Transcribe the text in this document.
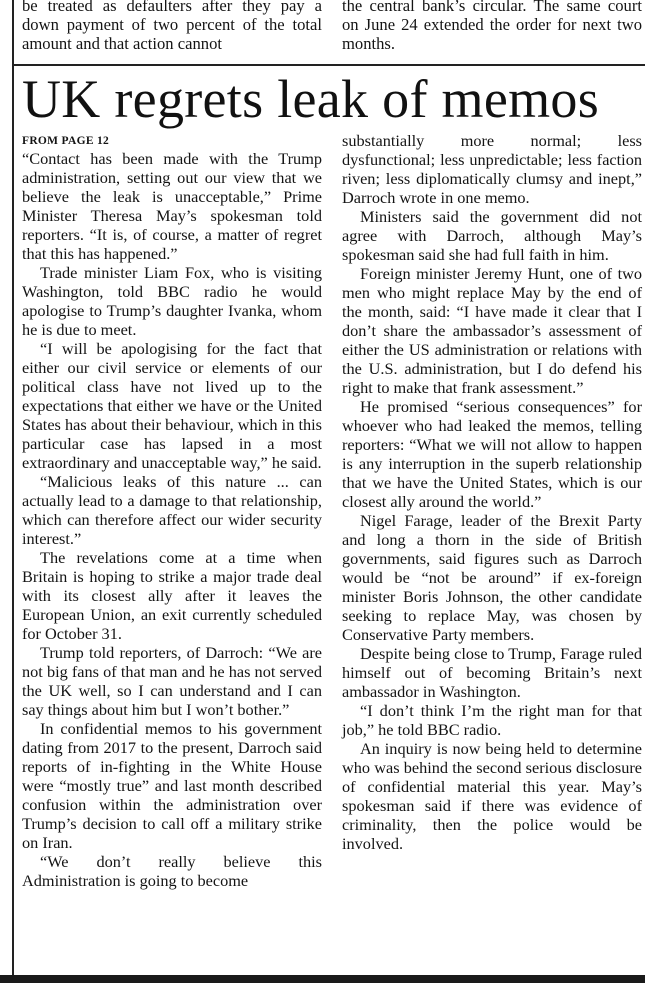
be treated as defaulters after they pay a down payment of two percent of the total amount and that action cannot

the central bank’s circular. The same court on June 24 extended the order for next two months.

UK regrets leak of memos
FROM PAGE 12

“Contact has been made with the Trump administration, setting out our view that we believe the leak is unacceptable,” Prime Minister Theresa May’s spokesman told reporters. “It is, of course, a matter of regret that this has happened.”

Trade minister Liam Fox, who is visiting Washington, told BBC radio he would apologise to Trump’s daughter Ivanka, whom he is due to meet.

“I will be apologising for the fact that either our civil service or elements of our political class have not lived up to the expectations that either we have or the United States has about their behaviour, which in this particular case has lapsed in a most extraordinary and unacceptable way,” he said.

“Malicious leaks of this nature ... can actually lead to a damage to that relationship, which can therefore affect our wider security interest.”

The revelations come at a time when Britain is hoping to strike a major trade deal with its closest ally after it leaves the European Union, an exit currently scheduled for October 31.

Trump told reporters, of Darroch: “We are not big fans of that man and he has not served the UK well, so I can understand and I can say things about him but I won’t bother.”

In confidential memos to his government dating from 2017 to the present, Darroch said reports of in-fighting in the White House were “mostly true” and last month described confusion within the administration over Trump’s decision to call off a military strike on Iran.

“We don’t really believe this Administration is going to become

substantially more normal; less dysfunctional; less unpredictable; less faction riven; less diplomatically clumsy and inept,” Darroch wrote in one memo.

Ministers said the government did not agree with Darroch, although May’s spokesman said she had full faith in him.

Foreign minister Jeremy Hunt, one of two men who might replace May by the end of the month, said: “I have made it clear that I don’t share the ambassador’s assessment of either the US administration or relations with the U.S. administration, but I do defend his right to make that frank assessment.”

He promised “serious consequences” for whoever who had leaked the memos, telling reporters: “What we will not allow to happen is any interruption in the superb relationship that we have the United States, which is our closest ally around the world.”

Nigel Farage, leader of the Brexit Party and long a thorn in the side of British governments, said figures such as Darroch would be “not be around” if ex-foreign minister Boris Johnson, the other candidate seeking to replace May, was chosen by Conservative Party members.

Despite being close to Trump, Farage ruled himself out of becoming Britain’s next ambassador in Washington.

“I don’t think I’m the right man for that job,” he told BBC radio.

An inquiry is now being held to determine who was behind the second serious disclosure of confidential material this year. May’s spokesman said if there was evidence of criminality, then the police would be involved.
